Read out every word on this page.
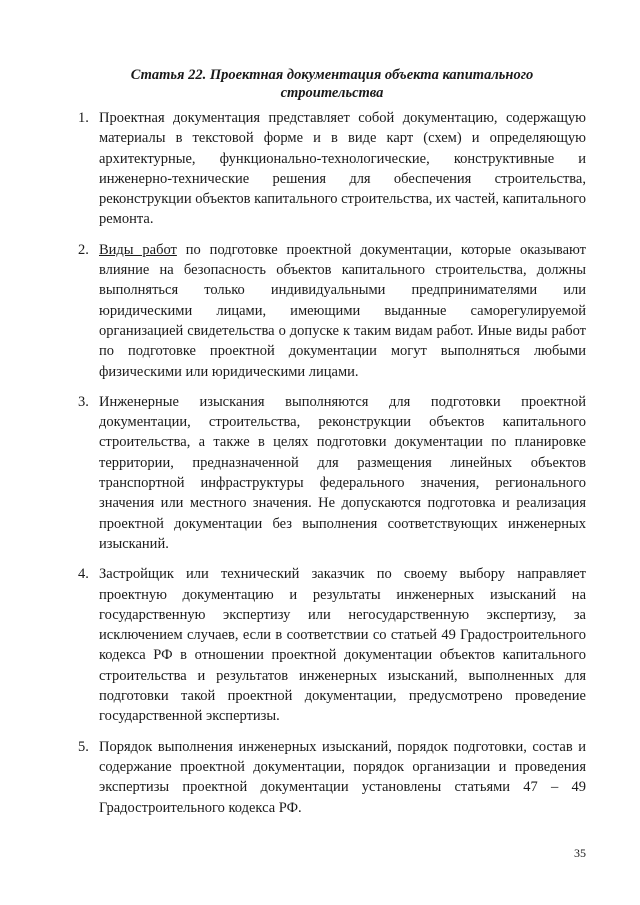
Статья 22. Проектная документация объекта капитального строительства
1. Проектная документация представляет собой документацию, содержащую материалы в текстовой форме и в виде карт (схем) и определяющую архитектурные, функционально-технологические, конструктивные и инженерно-технические решения для обеспечения строительства, реконструкции объектов капитального строительства, их частей, капитального ремонта.
2. Виды работ по подготовке проектной документации, которые оказывают влияние на безопасность объектов капитального строительства, должны выполняться только индивидуальными предпринимателями или юридическими лицами, имеющими выданные саморегулируемой организацией свидетельства о допуске к таким видам работ. Иные виды работ по подготовке проектной документации могут выполняться любыми физическими или юридическими лицами.
3. Инженерные изыскания выполняются для подготовки проектной документации, строительства, реконструкции объектов капитального строительства, а также в целях подготовки документации по планировке территории, предназначенной для размещения линейных объектов транспортной инфраструктуры федерального значения, регионального значения или местного значения. Не допускаются подготовка и реализация проектной документации без выполнения соответствующих инженерных изысканий.
4. Застройщик или технический заказчик по своему выбору направляет проектную документацию и результаты инженерных изысканий на государственную экспертизу или негосударственную экспертизу, за исключением случаев, если в соответствии со статьей 49 Градостроительного кодекса РФ в отношении проектной документации объектов капитального строительства и результатов инженерных изысканий, выполненных для подготовки такой проектной документации, предусмотрено проведение государственной экспертизы.
5. Порядок выполнения инженерных изысканий, порядок подготовки, состав и содержание проектной документации, порядок организации и проведения экспертизы проектной документации установлены статьями 47 – 49 Градостроительного кодекса РФ.
35
